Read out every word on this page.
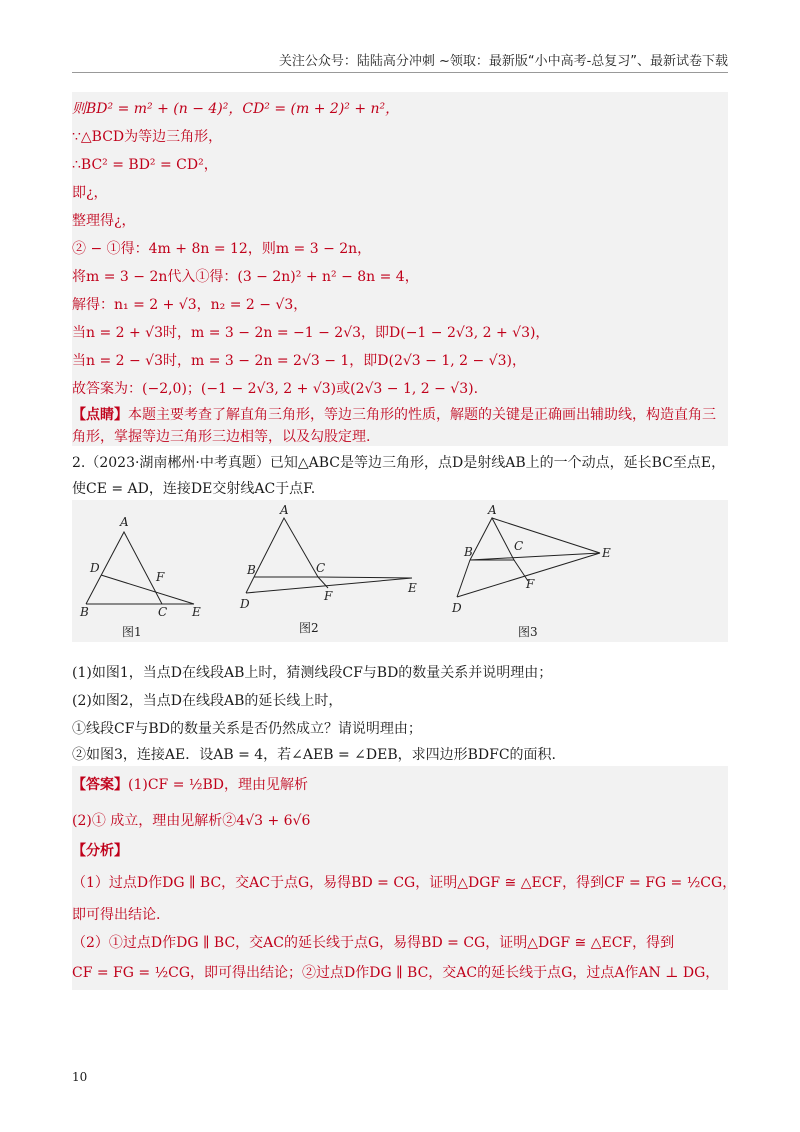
关注公众号：陆陆高分冲刺 ~领取：最新版“小中高考-总复习”、最新试卷下载
则BD² = m² + (n − 4)²，CD² = (m + 2)² + n²，
∵△BCD为等边三角形，
∴BC² = BD² = CD²，
即¿，
整理得¿，
② − ①得：4m + 8n = 12，则m = 3 − 2n，
将m = 3 − 2n代入①得：(3 − 2n)² + n² − 8n = 4，
解得：n₁ = 2 + √3，n₂ = 2 − √3，
当n = 2 + √3时，m = 3 − 2n = −1 − 2√3，即D(−1 − 2√3, 2 + √3)，
当n = 2 − √3时，m = 3 − 2n = 2√3 − 1，即D(2√3 − 1, 2 − √3)，
故答案为：(−2,0)；(−1 − 2√3, 2 + √3)或(2√3 − 1, 2 − √3).
【点睛】本题主要考查了解直角三角形，等边三角形的性质，解题的关键是正确画出辅助线，构造直角三
角形，掌握等边三角形三边相等，以及勾股定理.
2.（2023·湖南郴州·中考真题）已知△ABC是等边三角形，点D是射线AB上的一个动点，延长BC至点E，
使CE = AD，连接DE交射线AC于点F.
A
D
F
B	C E
A
B	C
F
D
E
A
B	C
F
E
D
图1	图2	图3
(1)如图1，当点D在线段AB上时，猜测线段CF与BD的数量关系并说明理由；
(2)如图2，当点D在线段AB的延长线上时，
①线段CF与BD的数量关系是否仍然成立？请说明理由；
②如图3，连接AE．设AB = 4，若∠AEB = ∠DEB，求四边形BDFC的面积.
【答案】(1)CF = ½BD，理由见解析
(2)① 成立，理由见解析②4√3 + 6√6
【分析】
（1）过点D作DG ∥ BC，交AC于点G，易得BD = CG，证明△DGF ≅ △ECF，得到CF = FG = ½CG，
即可得出结论.
（2）①过点D作DG ∥ BC，交AC的延长线于点G，易得BD = CG，证明△DGF ≅ △ECF，得到
CF = FG = ½CG，即可得出结论；②过点D作DG ∥ BC，交AC的延长线于点G，过点A作AN ⊥ DG，
10
